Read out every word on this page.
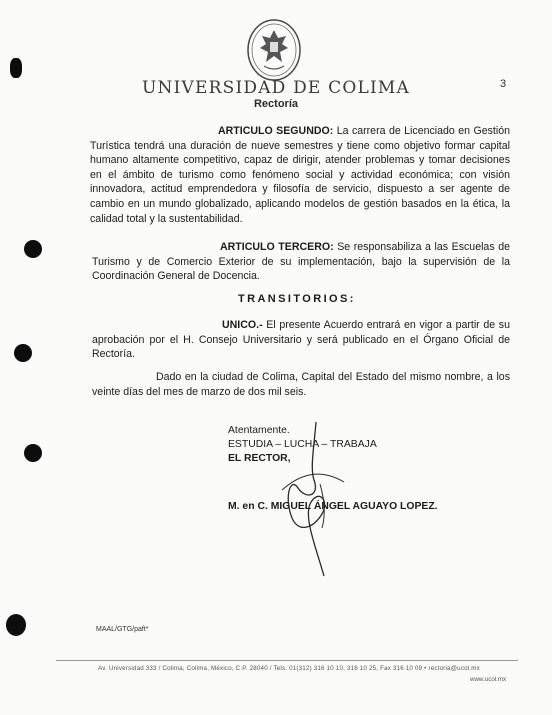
UNIVERSIDAD DE COLIMA
Rectoría
3
ARTICULO SEGUNDO: La carrera de Licenciado en Gestión Turística tendrá una duración de nueve semestres y tiene como objetivo formar capital humano altamente competitivo, capaz de dirigir, atender problemas y tomar decisiones en el ámbito de turismo como fenómeno social y actividad económica; con visión innovadora, actitud emprendedora y filosofía de servicio, dispuesto a ser agente de cambio en un mundo globalizado, aplicando modelos de gestión basados en la ética, la calidad total y la sustentabilidad.
ARTICULO TERCERO: Se responsabiliza a las Escuelas de Turismo y de Comercio Exterior de su implementación, bajo la supervisión de la Coordinación General de Docencia.
TRANSITORIOS:
UNICO.- El presente Acuerdo entrará en vigor a partir de su aprobación por el H. Consejo Universitario y será publicado en el Órgano Oficial de Rectoría.
Dado en la ciudad de Colima, Capital del Estado del mismo nombre, a los veinte días del mes de marzo de dos mil seis.
Atentamente.
ESTUDIA – LUCHA – TRABAJA
EL RECTOR,
M. en C. MIGUEL ÁNGEL AGUAYO LOPEZ.
MAAL/GTG/paft*
Av. Universidad 333 / Colima, Colima, México, C.P. 28040 / Tels. 01(312) 316 10 10, 316 10 25, Fax 316 10 09 • rectoria@ucol.mx
www.ucol.mx
